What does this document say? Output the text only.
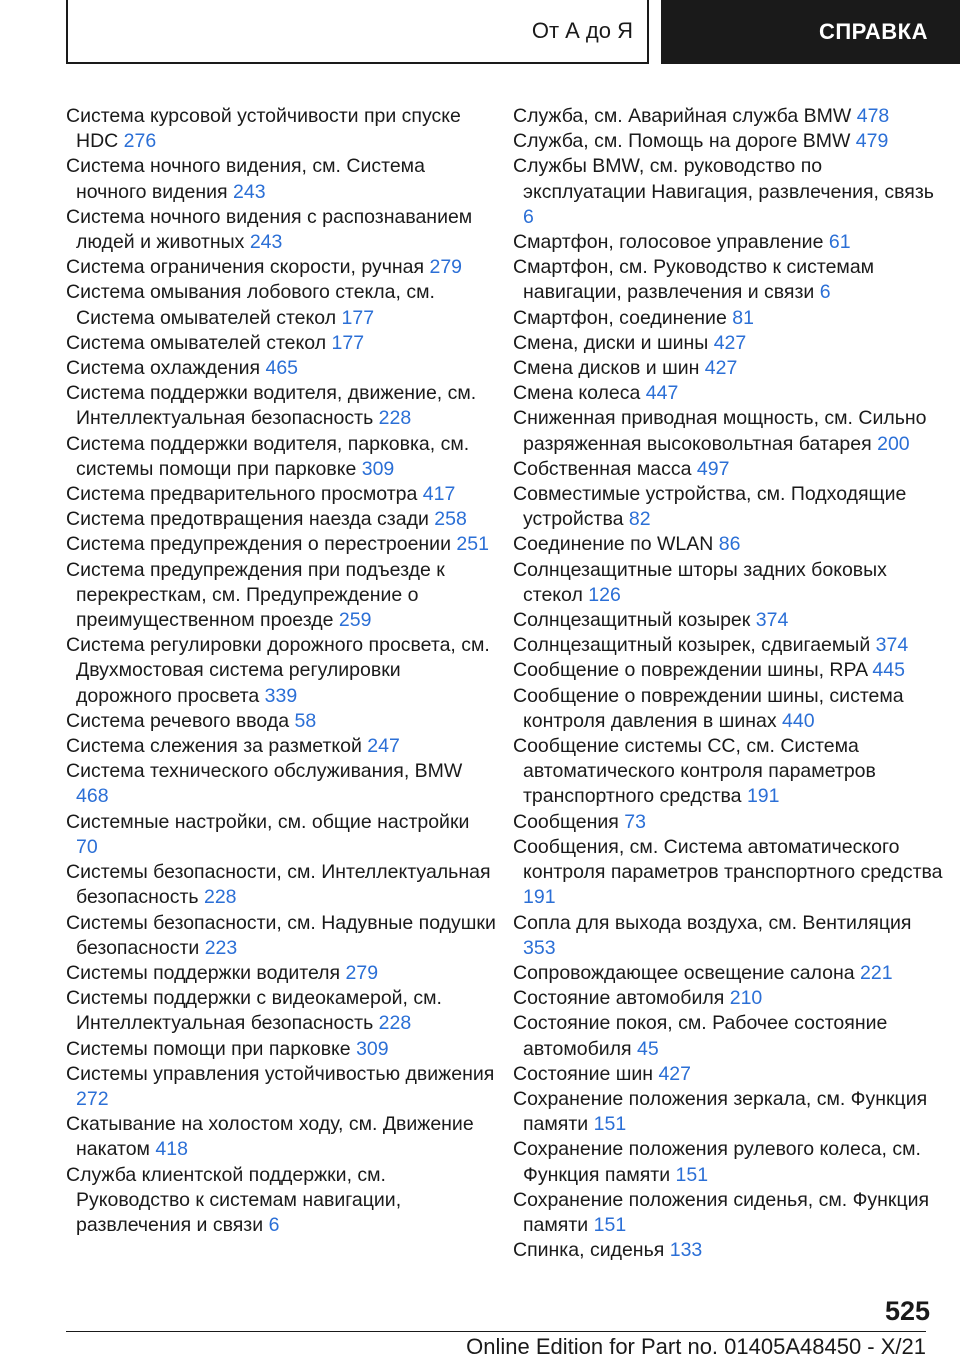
От А до Я	СПРАВКА
Система курсовой устойчивости при спуске HDC 276
Система ночного видения, см. Система ночного видения 243
Система ночного видения с распознаванием людей и животных 243
Система ограничения скорости, ручная 279
Система омывания лобового стекла, см. Система омывателей стекол 177
Система омывателей стекол 177
Система охлаждения 465
Система поддержки водителя, движение, см. Интеллектуальная безопасность 228
Система поддержки водителя, парковка, см. системы помощи при парковке 309
Система предварительного просмотра 417
Система предотвращения наезда сзади 258
Система предупреждения о перестроении 251
Система предупреждения при подъезде к перекресткам, см. Предупреждение о преимущественном проезде 259
Система регулировки дорожного просвета, см. Двухмостовая система регулировки дорожного просвета 339
Система речевого ввода 58
Система слежения за разметкой 247
Система технического обслуживания, BMW 468
Системные настройки, см. общие настройки 70
Системы безопасности, см. Интеллектуальная безопасность 228
Системы безопасности, см. Надувные подушки безопасности 223
Системы поддержки водителя 279
Системы поддержки с видеокамерой, см. Интеллектуальная безопасность 228
Системы помощи при парковке 309
Системы управления устойчивостью движения 272
Скатывание на холостом ходу, см. Движение накатом 418
Служба клиентской поддержки, см. Руководство к системам навигации, развлечения и связи 6
Служба, см. Аварийная служба BMW 478
Служба, см. Помощь на дороге BMW 479
Службы BMW, см. руководство по эксплуатации Навигация, развлечения, связь 6
Смартфон, голосовое управление 61
Смартфон, см. Руководство к системам навигации, развлечения и связи 6
Смартфон, соединение 81
Смена, диски и шины 427
Смена дисков и шин 427
Смена колеса 447
Сниженная приводная мощность, см. Сильно разряженная высоковольтная батарея 200
Собственная масса 497
Совместимые устройства, см. Подходящие устройства 82
Соединение по WLAN 86
Солнцезащитные шторы задних боковых стекол 126
Солнцезащитный козырек 374
Солнцезащитный козырек, сдвигаемый 374
Сообщение о повреждении шины, RPA 445
Сообщение о повреждении шины, система контроля давления в шинах 440
Сообщение системы CC, см. Система автоматического контроля параметров транспортного средства 191
Сообщения 73
Сообщения, см. Система автоматического контроля параметров транспортного средства 191
Сопла для выхода воздуха, см. Вентиляция 353
Сопровождающее освещение салона 221
Состояние автомобиля 210
Состояние покоя, см. Рабочее состояние автомобиля 45
Состояние шин 427
Сохранение положения зеркала, см. Функция памяти 151
Сохранение положения рулевого колеса, см. Функция памяти 151
Сохранение положения сиденья, см. Функция памяти 151
Спинка, сиденья 133
525
Online Edition for Part no. 01405A48450 - X/21
